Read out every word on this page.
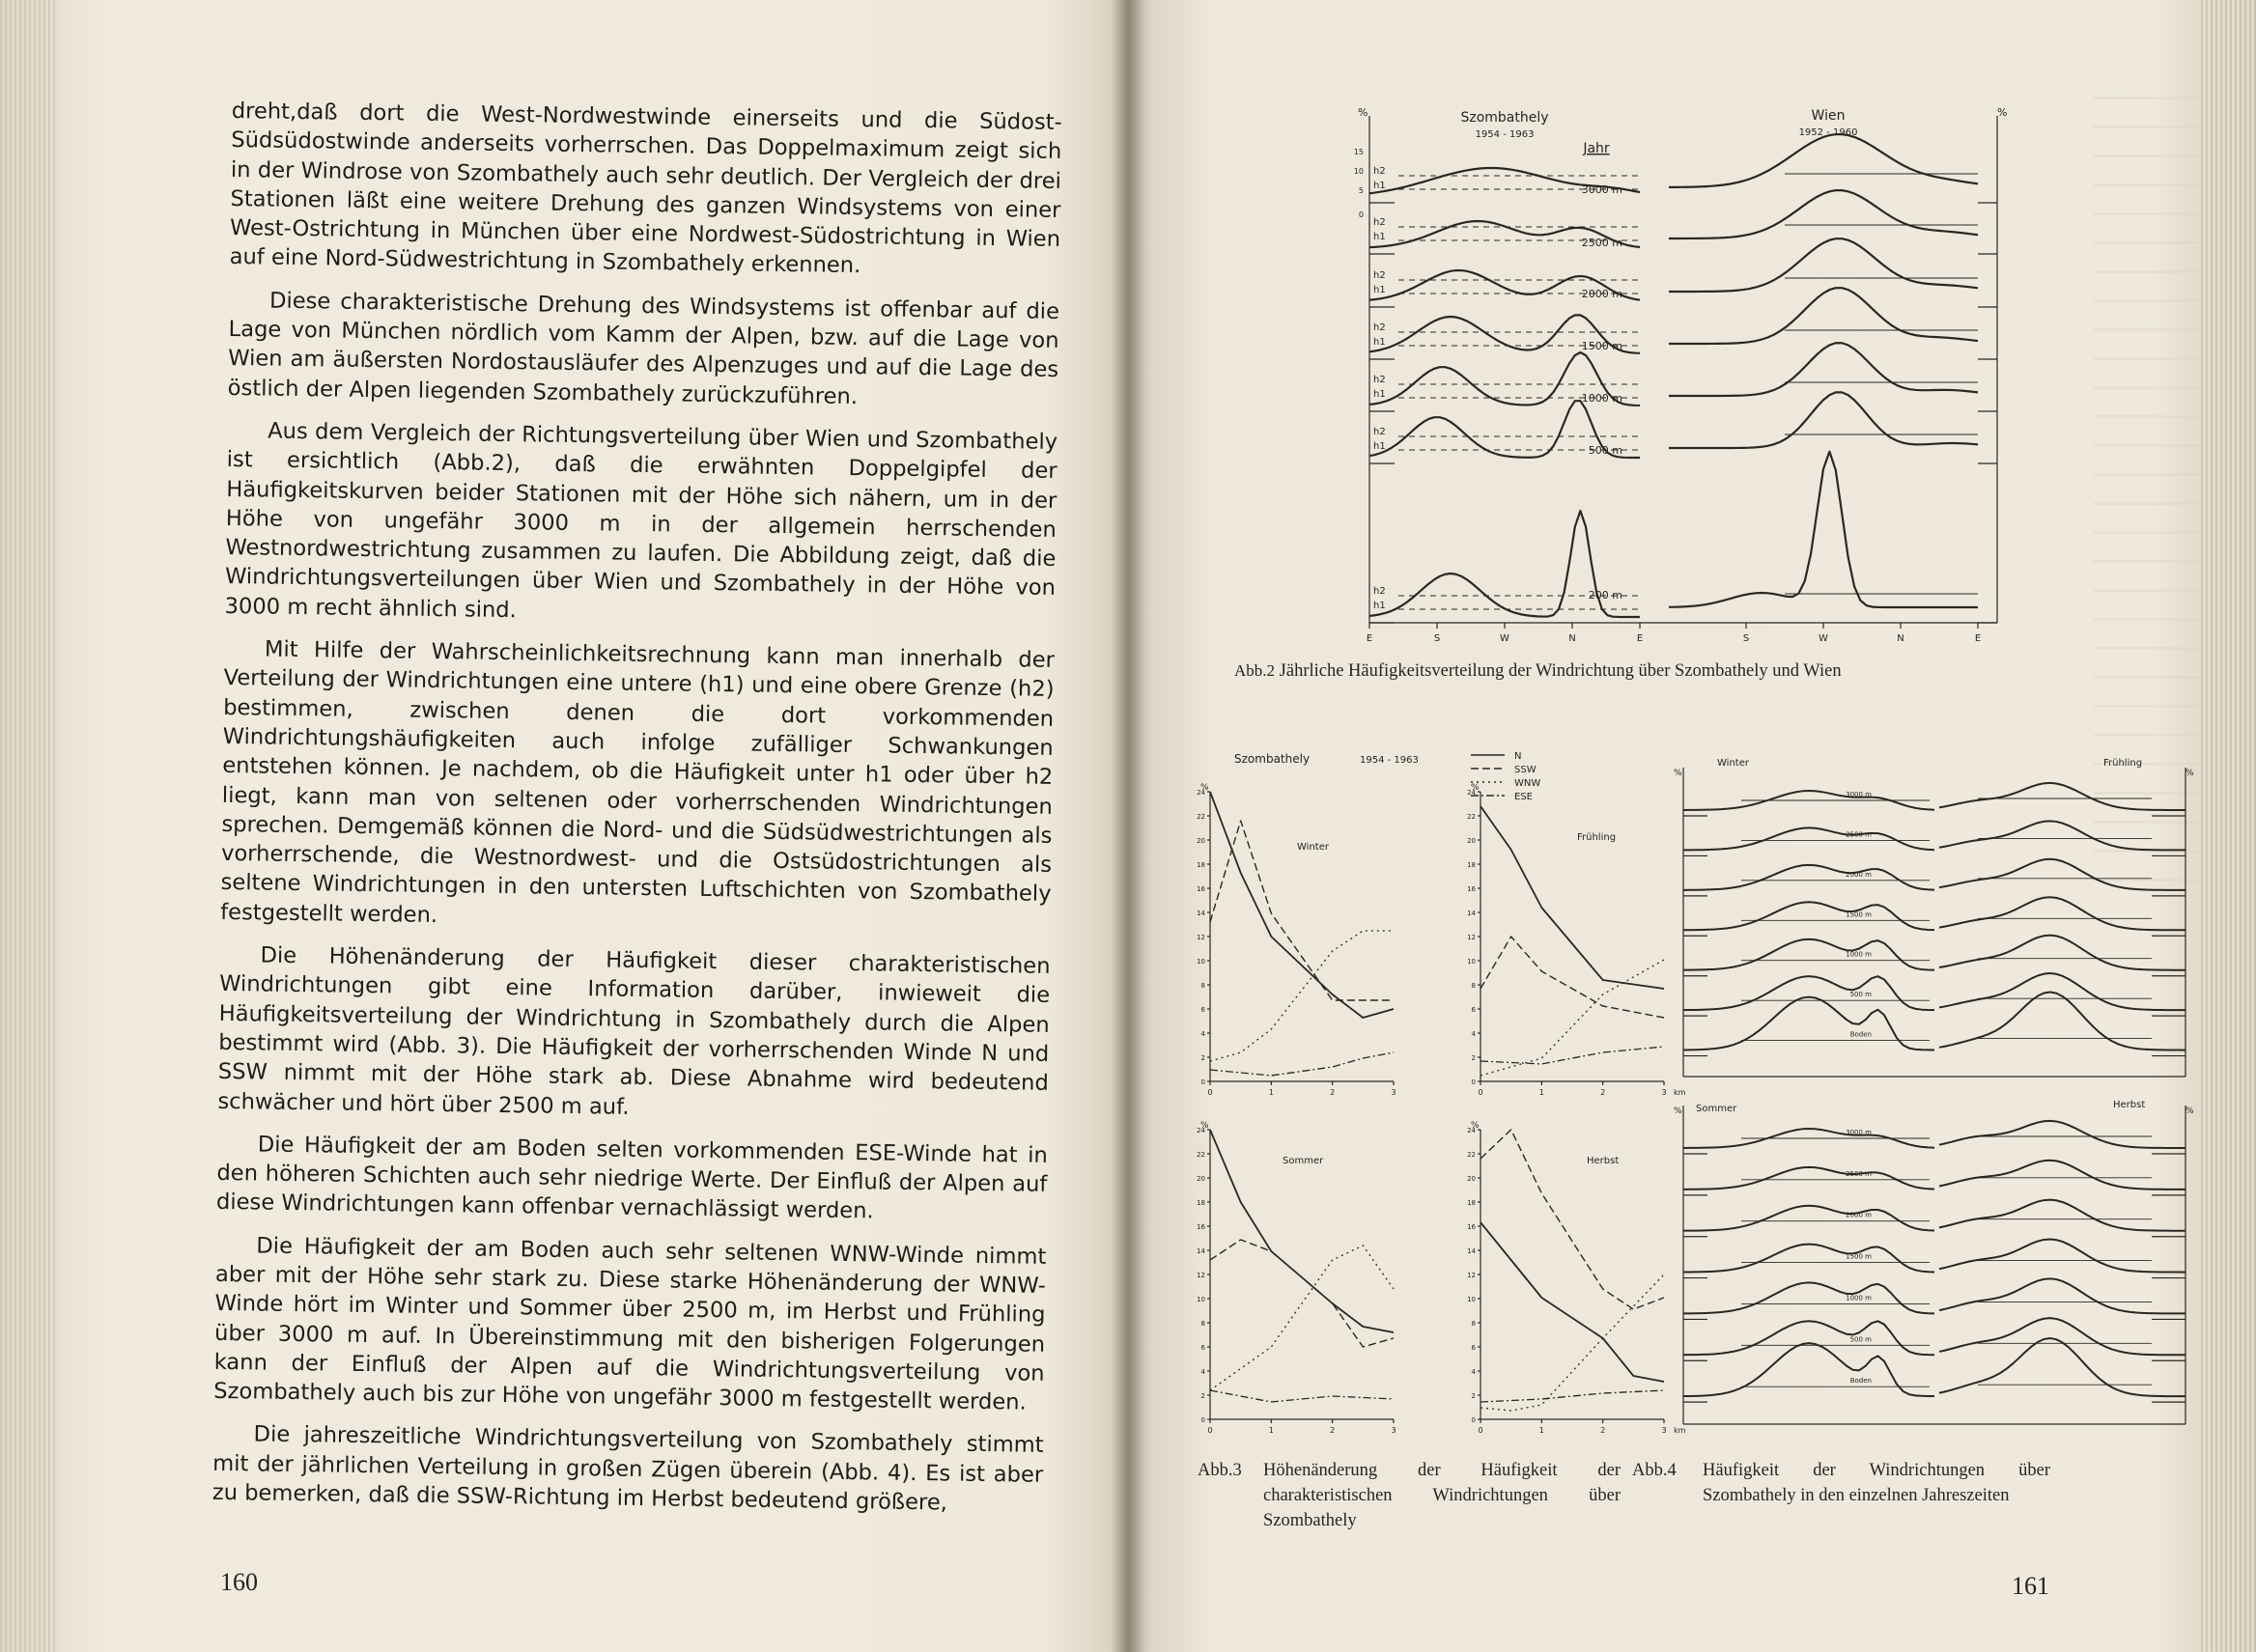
dreht,daß dort die West-Nordwestwinde einerseits und die Südost-Südsüdostwinde anderseits vorherrschen. Das Doppelmaximum zeigt sich in der Windrose von Szombathely auch sehr deutlich. Der Vergleich der drei Stationen läßt eine weitere Drehung des ganzen Windsystems von einer West-Ostrichtung in München über eine Nordwest-Südostrichtung in Wien auf eine Nord-Südwestrichtung in Szombathely erkennen.

Diese charakteristische Drehung des Windsystems ist offenbar auf die Lage von München nördlich vom Kamm der Alpen, bzw. auf die Lage von Wien am äußersten Nordostausläufer des Alpenzuges und auf die Lage des östlich der Alpen liegenden Szombathely zurückzuführen.

Aus dem Vergleich der Richtungsverteilung über Wien und Szombathely ist ersichtlich (Abb.2), daß die erwähnten Doppelgipfel der Häufigkeitskurven beider Stationen mit der Höhe sich nähern, um in der Höhe von ungefähr 3000 m in der allgemein herrschenden Westnordwestrichtung zusammen zu laufen. Die Abbildung zeigt, daß die Windrichtungsverteilungen über Wien und Szombathely in der Höhe von 3000 m recht ähnlich sind.

Mit Hilfe der Wahrscheinlichkeitsrechnung kann man innerhalb der Verteilung der Windrichtungen eine untere (h1) und eine obere Grenze (h2) bestimmen, zwischen denen die dort vorkommenden Windrichtungshäufigkeiten auch infolge zufälliger Schwankungen entstehen können. Je nachdem, ob die Häufigkeit unter h1 oder über h2 liegt, kann man von seltenen oder vorherrschenden Windrichtungen sprechen. Demgemäß können die Nord- und die Südsüdwestrichtungen als vorherrschende, die Westnordwest- und die Ostsüdostrichtungen als seltene Windrichtungen in den untersten Luftschichten von Szombathely festgestellt werden.

Die Höhenänderung der Häufigkeit dieser charakteristischen Windrichtungen gibt eine Information darüber, inwieweit die Häufigkeitsverteilung der Windrichtung in Szombathely durch die Alpen bestimmt wird (Abb. 3). Die Häufigkeit der vorherrschenden Winde N und SSW nimmt mit der Höhe stark ab. Diese Abnahme wird bedeutend schwächer und hört über 2500 m auf.

Die Häufigkeit der am Boden selten vorkommenden ESE-Winde hat in den höheren Schichten auch sehr niedrige Werte. Der Einfluß der Alpen auf diese Windrichtungen kann offenbar vernachlässigt werden.

Die Häufigkeit der am Boden auch sehr seltenen WNW-Winde nimmt aber mit der Höhe sehr stark zu. Diese starke Höhenänderung der WNW-Winde hört im Winter und Sommer über 2500 m, im Herbst und Frühling über 3000 m auf. In Übereinstimmung mit den bisherigen Folgerungen kann der Einfluß der Alpen auf die Windrichtungsverteilung von Szombathely auch bis zur Höhe von ungefähr 3000 m festgestellt werden.

Die jahreszeitliche Windrichtungsverteilung von Szombathely stimmt mit der jährlichen Verteilung in großen Zügen überein (Abb. 4). Es ist aber zu bemerken, daß die SSW-Richtung im Herbst bedeutend größere,

160
%	%
Szombathely
1954 - 1963
Wien
1952 - 1960
Jahr
h2
h1	3000 m
h2
h1	2500 m
h2
h1	2000 m
h2
h1	1500 m
h2
h1	1000 m
h2
h1	500 m
h2
h1
200 m
15
10
5
0
E	S	W	N	E	S	W	N	E
Abb.2 Jährliche Häufigkeitsverteilung der Windrichtung über Szombathely und Wien
Szombathely	1954 - 1963	N
SSW
WNW
ESE
%
0
2
4
6
8
10
12
14
16
18
20
22
24
0	1	2	3
Winter
%
0
2
4
6
8
10
12
14
16
18
20
22
24
0	1	2	3 km
Frühling
%
0
2
4
6
8
10
12
14
16
18
20
22
24
0	1	2	3
Sommer
%
0
2
4
6
8
10
12
14
16
18
20
22
24
0	1	2	3 km
Herbst
Abb.3 Höhenänderung der Häufigkeit der charakteristischen Windrichtungen über Szombathely
%	%
%	%
Winter	Frühling
Sommer	Herbst
3000 m
2500 m
2000 m
1500 m
1000 m
500 m
Boden
3000 m
2500 m
2000 m
1500 m
1000 m
500 m
Boden
Abb.4	Häufigkeit der Windrichtungen über Szombathely in den einzelnen Jahreszeiten
161
